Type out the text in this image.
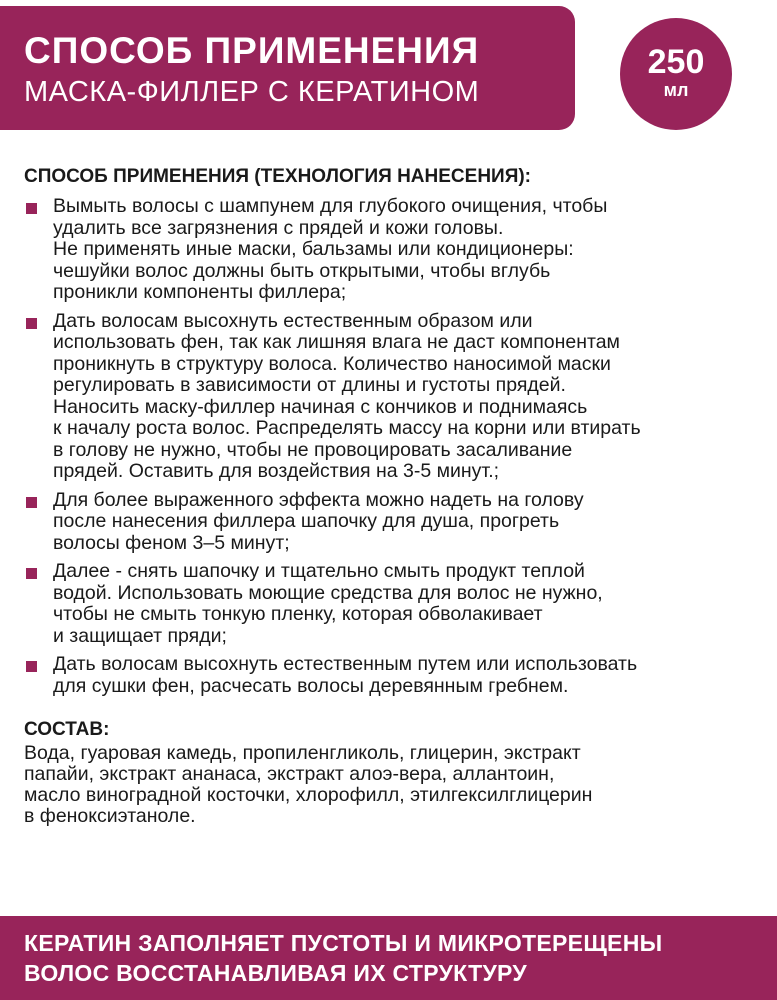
СПОСОБ ПРИМЕНЕНИЯ
МАСКА-ФИЛЛЕР С КЕРАТИНОМ
250
мл
СПОСОБ ПРИМЕНЕНИЯ (ТЕХНОЛОГИЯ НАНЕСЕНИЯ):
Вымыть волосы с шампунем для глубокого очищения, чтобы
удалить все загрязнения с прядей и кожи головы.
Не применять иные маски, бальзамы или кондиционеры:
чешуйки волос должны быть открытыми, чтобы вглубь
проникли компоненты филлера;
Дать волосам высохнуть естественным образом или
использовать фен, так как лишняя влага не даст компонентам
проникнуть в структуру волоса. Количество наносимой маски
регулировать в зависимости от длины и густоты прядей.
Наносить маску-филлер начиная с кончиков и поднимаясь
к началу роста волос. Распределять массу на корни или втирать
в голову не нужно, чтобы не провоцировать засаливание
прядей. Оставить для воздействия на 3-5 минут.;
Для более выраженного эффекта можно надеть на голову
после нанесения филлера шапочку для душа, прогреть
волосы феном 3–5 минут;
Далее - снять шапочку и тщательно смыть продукт теплой
водой. Использовать моющие средства для волос не нужно,
чтобы не смыть тонкую пленку, которая обволакивает
и защищает пряди;
Дать волосам высохнуть естественным путем или использовать
для сушки фен, расчесать волосы деревянным гребнем.
СОСТАВ:
Вода, гуаровая камедь, пропиленгликоль, глицерин, экстракт
папайи, экстракт ананаса, экстракт алоэ-вера, аллантоин,
масло виноградной косточки, хлорофилл, этилгексилглицерин
в феноксиэтаноле.
КЕРАТИН ЗАПОЛНЯЕТ ПУСТОТЫ И МИКРОТЕРЕЩЕНЫ
ВОЛОС ВОССТАНАВЛИВАЯ ИХ СТРУКТУРУ
